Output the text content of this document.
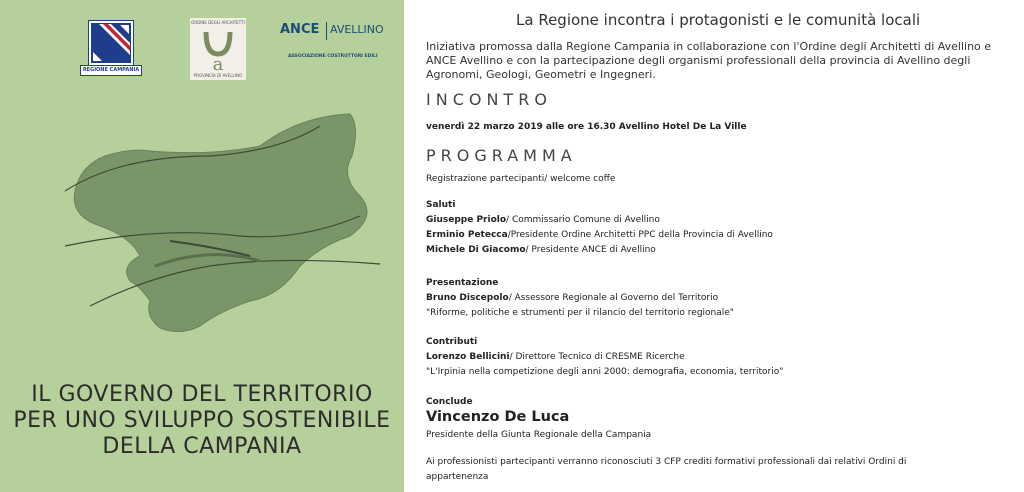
REGIONE CAMPANIA
ORDINE DEGLI ARCHITETTI
a
PROVINCIA DI AVELLINO
ANCE AVELLINO
ASSOCIAZIONE COSTRUTTORI EDILI
IL GOVERNO DEL TERRITORIO
PER UNO SVILUPPO SOSTENIBILE
DELLA CAMPANIA
La Regione incontra i protagonisti e le comunità locali
Iniziativa promossa dalla Regione Campania in collaborazione con l'Ordine degli Architetti di Avellino e ANCE Avellino e con la partecipazione degli organismi professionali della provincia di Avellino degli Agronomi, Geologi, Geometri e Ingegneri.
INCONTRO
venerdì 22 marzo 2019 alle ore 16.30 Avellino Hotel De La Ville
PROGRAMMA
Registrazione partecipanti/ welcome coffe
Saluti
Giuseppe Priolo/ Commissario Comune di Avellino
Erminio Petecca/Presidente Ordine Architetti PPC della Provincia di Avellino
Michele Di Giacomo/ Presidente ANCE di Avellino
Presentazione
Bruno Discepolo/ Assessore Regionale al Governo del Territorio
"Riforme, politiche e strumenti per il rilancio del territorio regionale"
Contributi
Lorenzo Bellicini/ Direttore Tecnico di CRESME Ricerche
"L'Irpinia nella competizione degli anni 2000: demografia, economia, territorio"
Conclude
Vincenzo De Luca
Presidente della Giunta Regionale della Campania
Ai professionisti partecipanti verranno riconosciuti 3 CFP crediti formativi professionali dai relativi Ordini di
appartenenza
